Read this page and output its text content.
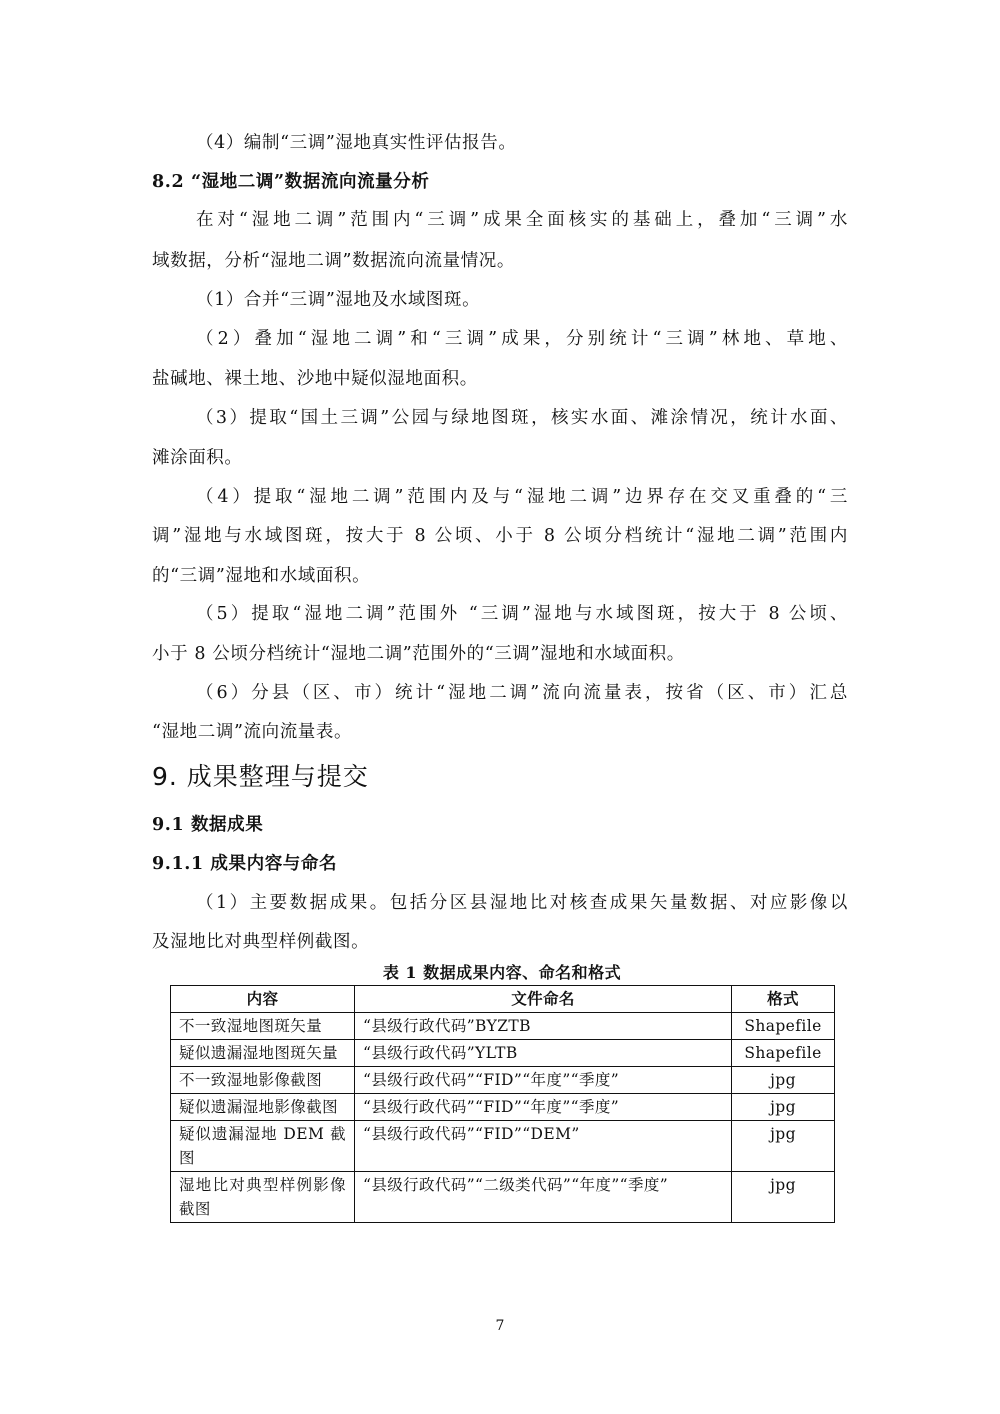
（4）编制“三调”湿地真实性评估报告。
8.2 “湿地二调”数据流向流量分析
在对“湿地二调”范围内“三调”成果全面核实的基础上，叠加“三调”水
域数据，分析“湿地二调”数据流向流量情况。
（1）合并“三调”湿地及水域图斑。
（2）叠加“湿地二调”和“三调”成果，分别统计“三调”林地、草地、
盐碱地、裸土地、沙地中疑似湿地面积。
（3）提取“国土三调”公园与绿地图斑，核实水面、滩涂情况，统计水面、
滩涂面积。
（4）提取“湿地二调”范围内及与“湿地二调”边界存在交叉重叠的“三
调”湿地与水域图斑，按大于 8 公顷、小于 8 公顷分档统计“湿地二调”范围内
的“三调”湿地和水域面积。
（5）提取“湿地二调”范围外 “三调”湿地与水域图斑，按大于 8 公顷、
小于 8 公顷分档统计“湿地二调”范围外的“三调”湿地和水域面积。
（6）分县（区、市）统计“湿地二调”流向流量表，按省（区、市）汇总
“湿地二调”流向流量表。
9. 成果整理与提交
9.1 数据成果
9.1.1 成果内容与命名
（1）主要数据成果。包括分区县湿地比对核查成果矢量数据、对应影像以
及湿地比对典型样例截图。
表 1 数据成果内容、命名和格式
内容	文件命名	格式
不一致湿地图斑矢量	“县级行政代码”BYZTB	Shapefile
疑似遗漏湿地图斑矢量	“县级行政代码”YLTB	Shapefile
不一致湿地影像截图	“县级行政代码”“FID”“年度”“季度”	jpg
疑似遗漏湿地影像截图	“县级行政代码”“FID”“年度”“季度”	jpg
疑似遗漏湿地 DEM 截图	“县级行政代码”“FID”“DEM”	jpg
湿地比对典型样例影像截图	“县级行政代码”“二级类代码”“年度”“季度”	jpg
7
